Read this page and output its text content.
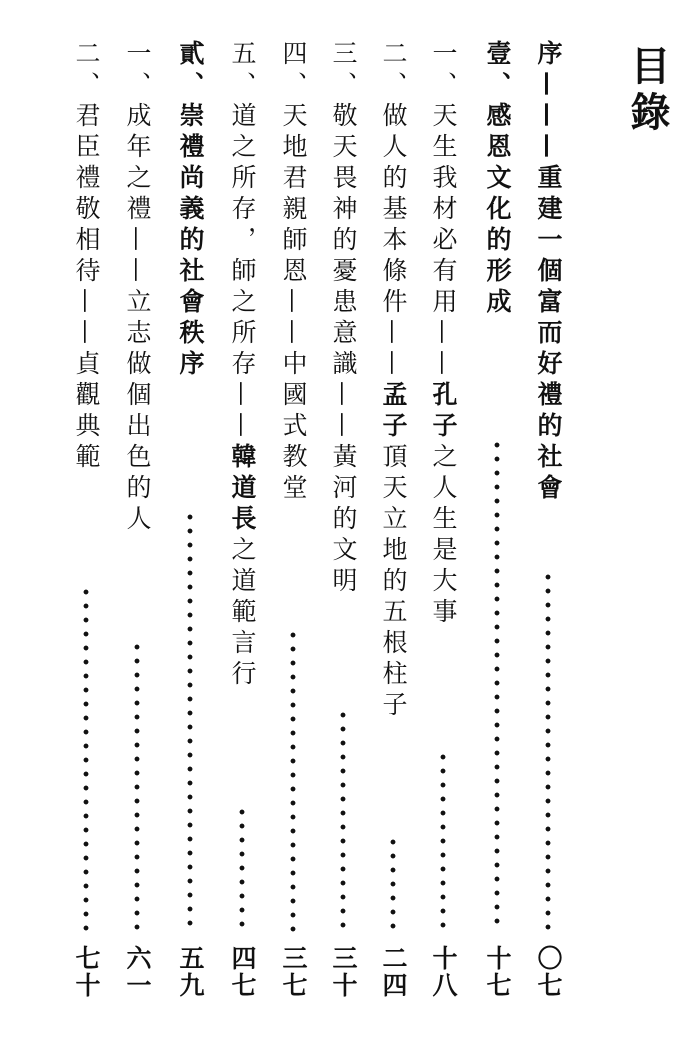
目錄
序———重建一個富而好禮的社會
〇七
壹、感恩文化的形成
十七
一、天生我材必有用——孔子之人生是大事
十八
二、做人的基本條件——孟子頂天立地的五根柱子
二四
三、敬天畏神的憂患意識——黃河的文明
三十
四、天地君親師恩——中國式教堂
三七
五、道之所存，師之所存——韓道長之道範言行
四七
貳、崇禮尚義的社會秩序
五九
一、成年之禮——立志做個出色的人
六一
二、君臣禮敬相待——貞觀典範
七十
